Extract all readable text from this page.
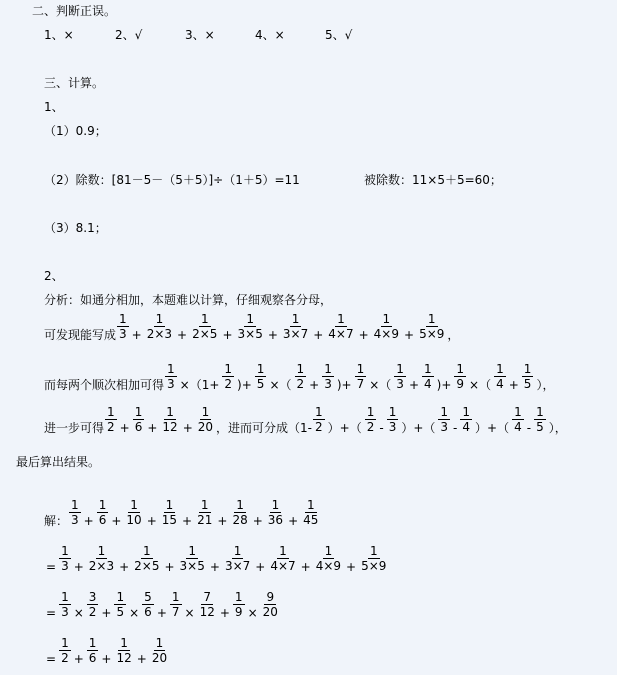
二、判断正误。
1、×	2、√	3、×	4、×	5、√
三、计算。
1、
（1）0.9；
（2）除数：[81－5－（5＋5）]÷（1＋5）=11	被除数：11×5＋5=60；
（3）8.1；
2、
分析：如通分相加，本题难以计算，仔细观察各分母，
可发现能写成 $\frac{1}{3} + \frac{1}{2\times 3} + \frac{1}{2\times 5} + \frac{1}{3\times 5} + \frac{1}{3\times 7} + \frac{1}{4\times 7} + \frac{1}{4\times 9} + \frac{1}{5\times 9}$ ，
而每两个顺次相加可得 $\frac{1}{3} \times(1+ \frac{1}{2}$ )+ $\frac{1}{5}$ ×（ $\frac{1}{2} + \frac{1}{3}$ )+ $\frac{1}{7}$ ×（ $\frac{1}{3} + \frac{1}{4}$ )+ $\frac{1}{9}$ ×（ $\frac{1}{4} + \frac{1}{5}$ ），
进一步可得 $\frac{1}{2} + \frac{1}{6} + \frac{1}{12} + \frac{1}{20}$ ，进而可分成（$1- \frac{1}{2}$ ）+（ $\frac{1}{2} - \frac{1}{3}$ ）+（ $\frac{1}{3} - \frac{1}{4}$ ）+（ $\frac{1}{4} - \frac{1}{5}$ ），
最后算出结果。
解： $\frac{1}{3} + \frac{1}{6} + \frac{1}{10} + \frac{1}{15} + \frac{1}{21} + \frac{1}{28} + \frac{1}{36} + \frac{1}{45}$
= $\frac{1}{3} + \frac{1}{2\times 3} + \frac{1}{2\times 5} + \frac{1}{3\times 5} + \frac{1}{3\times 7} + \frac{1}{4\times 7} + \frac{1}{4\times 9} + \frac{1}{5\times 9}$
= $\frac{1}{3} \times \frac{3}{2} + \frac{1}{5} \times \frac{5}{6} + \frac{1}{7} \times \frac{7}{12} + \frac{1}{9} \times \frac{9}{20}$
= $\frac{1}{2} + \frac{1}{6} + \frac{1}{12} + \frac{1}{20}$
